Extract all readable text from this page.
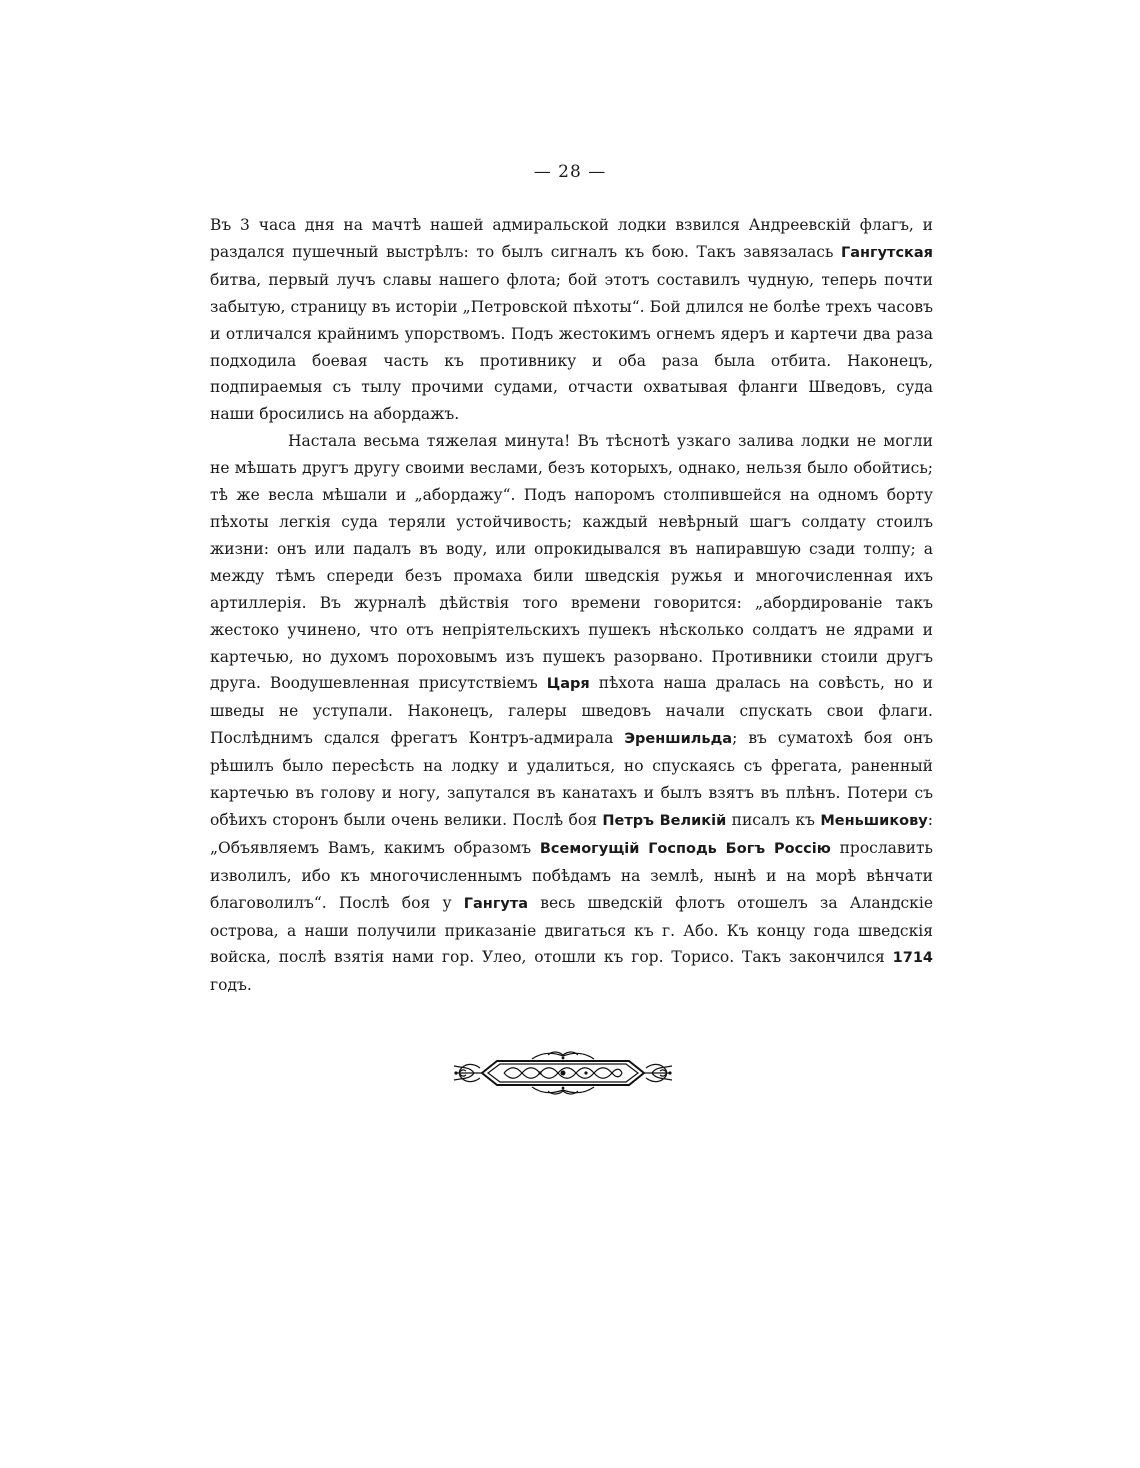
— 28 —

Въ 3 часа дня на мачтѣ нашей адмиральской лодки взвился Андреевскій флагъ, и раздался пушечный выстрѣлъ: то былъ сигналъ къ бою. Такъ завязалась Гангутская битва, первый лучъ славы нашего флота; бой этотъ составилъ чудную, теперь почти забытую, страницу въ исторіи „Петровской пѣхоты“. Бой длился не болѣе трехъ часовъ и отличался крайнимъ упорствомъ. Подъ жестокимъ огнемъ ядеръ и картечи два раза подходила боевая часть къ противнику и оба раза была отбита. Наконецъ, подпираемыя съ тылу прочими судами, отчасти охватывая фланги Шведовъ, суда наши бросились на абордажъ.

Настала весьма тяжелая минута! Въ тѣснотѣ узкаго залива лодки не могли не мѣшать другъ другу своими веслами, безъ которыхъ, однако, нельзя было обойтись; тѣ же весла мѣшали и „абордажу“. Подъ напоромъ столпившейся на одномъ борту пѣхоты легкія суда теряли устойчивость; каждый невѣрный шагъ солдату стоилъ жизни: онъ или падалъ въ воду, или опрокидывался въ напиравшую сзади толпу; а между тѣмъ спереди безъ промаха били шведскія ружья и многочисленная ихъ артиллерія. Въ журналѣ дѣйствія того времени говорится: „абордированіе такъ жестоко учинено, что отъ непріятельскихъ пушекъ нѣсколько солдатъ не ядрами и картечью, но духомъ пороховымъ изъ пушекъ разорвано. Противники стоили другъ друга. Воодушевленная присутствіемъ Царя пѣхота наша дралась на совѣсть, но и шведы не уступали. Наконецъ, галеры шведовъ начали спускать свои флаги. Послѣднимъ сдался фрегатъ Контръ-адмирала Эреншильда; въ суматохѣ боя онъ рѣшилъ было пересѣсть на лодку и удалиться, но спускаясь съ фрегата, раненный картечью въ голову и ногу, запутался въ канатахъ и былъ взятъ въ плѣнъ. Потери съ обѣихъ сторонъ были очень велики. Послѣ боя Петръ Великій писалъ къ Меньшикову: „Объявляемъ Вамъ, какимъ образомъ Всемогущій Господь Богъ Россію прославить изволилъ, ибо къ многочисленнымъ побѣдамъ на землѣ, нынѣ и на морѣ вѣнчати благоволилъ“. Послѣ боя у Гангута весь шведскій флотъ отошелъ за Аландскіе острова, а наши получили приказаніе двигаться къ г. Або. Къ концу года шведскія войска, послѣ взятія нами гор. Улео, отошли къ гор. Торисо. Такъ закончился 1714 годъ.
